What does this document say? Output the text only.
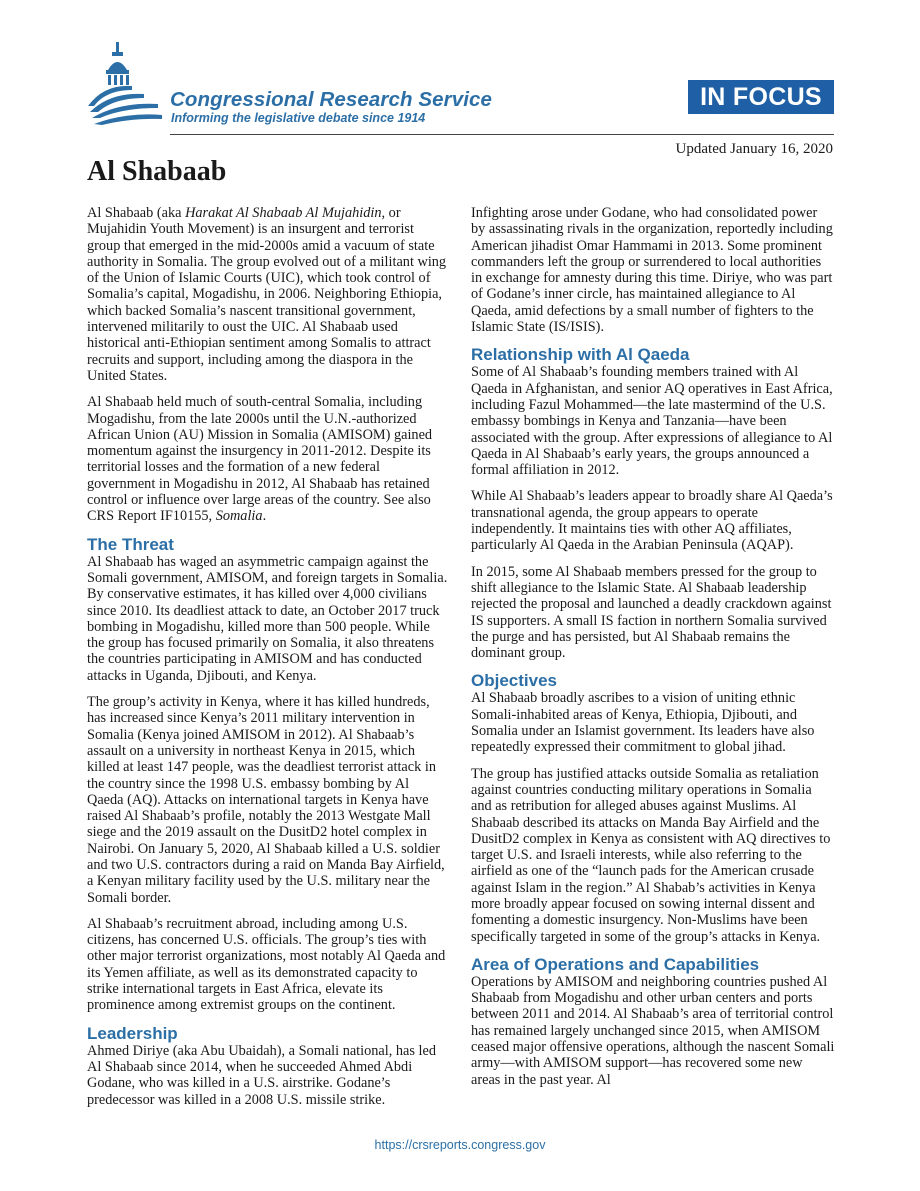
Congressional Research Service
Informing the legislative debate since 1914
IN FOCUS
Updated January 16, 2020
Al Shabaab

Al Shabaab (aka Harakat Al Shabaab Al Mujahidin, or Mujahidin Youth Movement) is an insurgent and terrorist group that emerged in the mid-2000s amid a vacuum of state authority in Somalia. The group evolved out of a militant wing of the Union of Islamic Courts (UIC), which took control of Somalia’s capital, Mogadishu, in 2006. Neighboring Ethiopia, which backed Somalia’s nascent transitional government, intervened militarily to oust the UIC. Al Shabaab used historical anti-Ethiopian sentiment among Somalis to attract recruits and support, including among the diaspora in the United States.

Al Shabaab held much of south-central Somalia, including Mogadishu, from the late 2000s until the U.N.-authorized African Union (AU) Mission in Somalia (AMISOM) gained momentum against the insurgency in 2011-2012. Despite its territorial losses and the formation of a new federal government in Mogadishu in 2012, Al Shabaab has retained control or influence over large areas of the country. See also CRS Report IF10155, Somalia.

The Threat

Al Shabaab has waged an asymmetric campaign against the Somali government, AMISOM, and foreign targets in Somalia. By conservative estimates, it has killed over 4,000 civilians since 2010. Its deadliest attack to date, an October 2017 truck bombing in Mogadishu, killed more than 500 people. While the group has focused primarily on Somalia, it also threatens the countries participating in AMISOM and has conducted attacks in Uganda, Djibouti, and Kenya.

The group’s activity in Kenya, where it has killed hundreds, has increased since Kenya’s 2011 military intervention in Somalia (Kenya joined AMISOM in 2012). Al Shabaab’s assault on a university in northeast Kenya in 2015, which killed at least 147 people, was the deadliest terrorist attack in the country since the 1998 U.S. embassy bombing by Al Qaeda (AQ). Attacks on international targets in Kenya have raised Al Shabaab’s profile, notably the 2013 Westgate Mall siege and the 2019 assault on the DusitD2 hotel complex in Nairobi. On January 5, 2020, Al Shabaab killed a U.S. soldier and two U.S. contractors during a raid on Manda Bay Airfield, a Kenyan military facility used by the U.S. military near the Somali border.

Al Shabaab’s recruitment abroad, including among U.S. citizens, has concerned U.S. officials. The group’s ties with other major terrorist organizations, most notably Al Qaeda and its Yemen affiliate, as well as its demonstrated capacity to strike international targets in East Africa, elevate its prominence among extremist groups on the continent.

Leadership

Ahmed Diriye (aka Abu Ubaidah), a Somali national, has led Al Shabaab since 2014, when he succeeded Ahmed Abdi Godane, who was killed in a U.S. airstrike. Godane’s predecessor was killed in a 2008 U.S. missile strike.

Infighting arose under Godane, who had consolidated power by assassinating rivals in the organization, reportedly including American jihadist Omar Hammami in 2013. Some prominent commanders left the group or surrendered to local authorities in exchange for amnesty during this time. Diriye, who was part of Godane’s inner circle, has maintained allegiance to Al Qaeda, amid defections by a small number of fighters to the Islamic State (IS/ISIS).

Relationship with Al Qaeda

Some of Al Shabaab’s founding members trained with Al Qaeda in Afghanistan, and senior AQ operatives in East Africa, including Fazul Mohammed—the late mastermind of the U.S. embassy bombings in Kenya and Tanzania—have been associated with the group. After expressions of allegiance to Al Qaeda in Al Shabaab’s early years, the groups announced a formal affiliation in 2012.

While Al Shabaab’s leaders appear to broadly share Al Qaeda’s transnational agenda, the group appears to operate independently. It maintains ties with other AQ affiliates, particularly Al Qaeda in the Arabian Peninsula (AQAP).

In 2015, some Al Shabaab members pressed for the group to shift allegiance to the Islamic State. Al Shabaab leadership rejected the proposal and launched a deadly crackdown against IS supporters. A small IS faction in northern Somalia survived the purge and has persisted, but Al Shabaab remains the dominant group.

Objectives

Al Shabaab broadly ascribes to a vision of uniting ethnic Somali-inhabited areas of Kenya, Ethiopia, Djibouti, and Somalia under an Islamist government. Its leaders have also repeatedly expressed their commitment to global jihad.

The group has justified attacks outside Somalia as retaliation against countries conducting military operations in Somalia and as retribution for alleged abuses against Muslims. Al Shabaab described its attacks on Manda Bay Airfield and the DusitD2 complex in Kenya as consistent with AQ directives to target U.S. and Israeli interests, while also referring to the airfield as one of the “launch pads for the American crusade against Islam in the region.” Al Shabab’s activities in Kenya more broadly appear focused on sowing internal dissent and fomenting a domestic insurgency. Non-Muslims have been specifically targeted in some of the group’s attacks in Kenya.

Area of Operations and Capabilities

Operations by AMISOM and neighboring countries pushed Al Shabaab from Mogadishu and other urban centers and ports between 2011 and 2014. Al Shabaab’s area of territorial control has remained largely unchanged since 2015, when AMISOM ceased major offensive operations, although the nascent Somali army—with AMISOM support—has recovered some new areas in the past year. Al

https://crsreports.congress.gov
